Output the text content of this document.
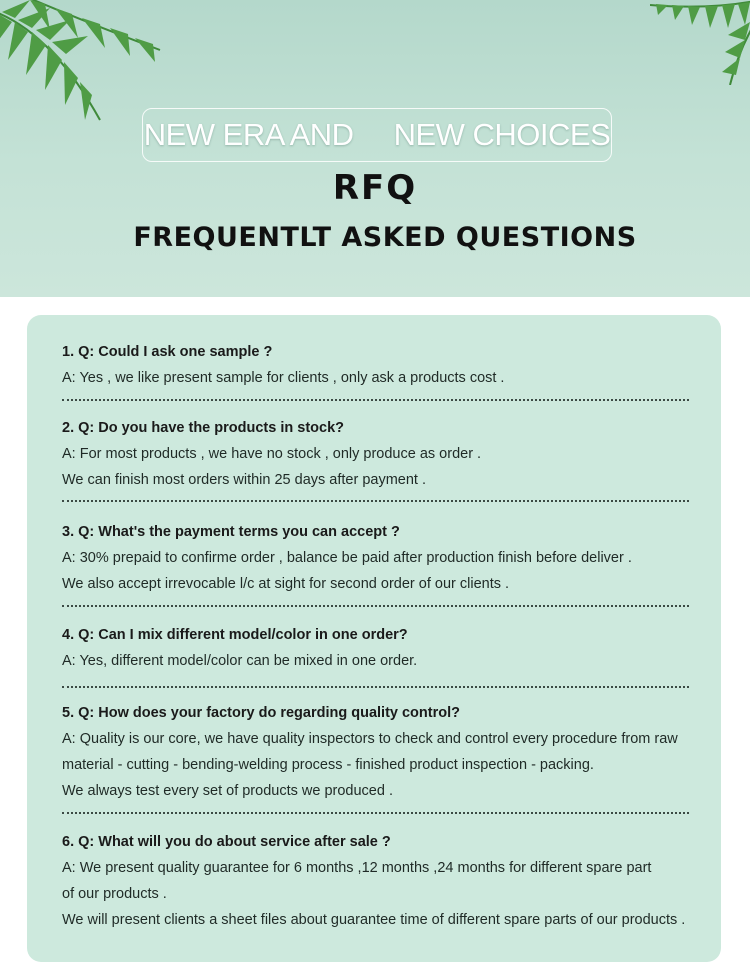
NEW ERA AND NEW CHOICES
RFQ
FREQUENTLT ASKED QUESTIONS
1. Q: Could I ask one sample ?
A: Yes , we like present sample for clients , only ask a products cost .
2. Q: Do you have the products in stock?
A: For most products , we have no stock , only produce as order .
We can finish most orders within 25 days after payment .
3. Q: What's the payment terms you can accept ?
A: 30% prepaid to confirme order , balance be paid after production finish before deliver .
We also accept irrevocable l/c at sight for second order of our clients .
4. Q: Can I mix different model/color in one order?
A: Yes, different model/color can be mixed in one order.
5. Q: How does your factory do regarding quality control?
A: Quality is our core, we have quality inspectors to check and control every procedure from raw
material - cutting - bending-welding process - finished product inspection - packing.
We always test every set of products we produced .
6. Q: What will you do about service after sale ?
A: We present quality guarantee for 6 months ,12 months ,24 months for different spare part
of our products .
We will present clients a sheet files about guarantee time of different spare parts of our products .
